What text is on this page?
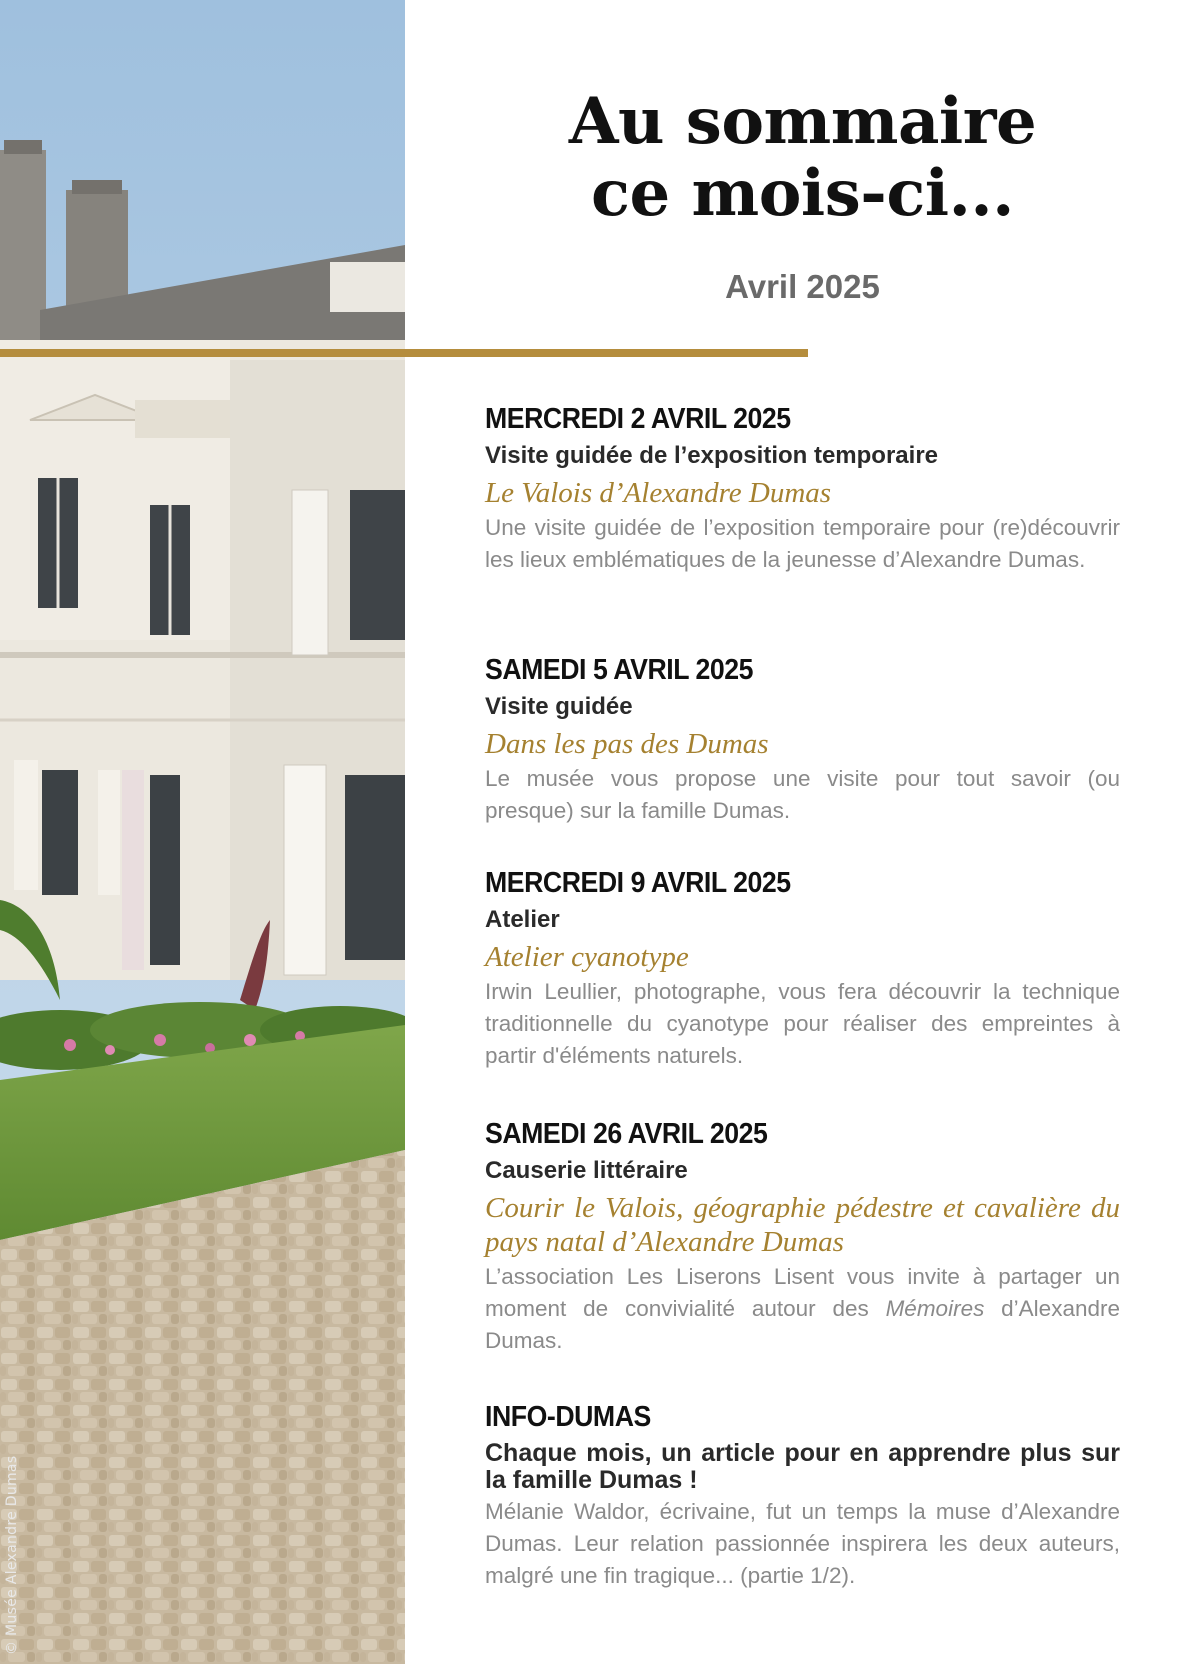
© Musée Alexandre Dumas
Au sommaire
ce mois-ci...
Avril 2025
MERCREDI 2 AVRIL 2025
Visite guidée de l’exposition temporaire
Le Valois d’Alexandre Dumas
Une visite guidée de l’exposition temporaire pour (re)découvrir les lieux emblématiques de la jeunesse d’Alexandre Dumas.
SAMEDI 5 AVRIL 2025
Visite guidée
Dans les pas des Dumas
Le musée vous propose une visite pour tout savoir (ou presque) sur la famille Dumas.
MERCREDI 9 AVRIL 2025
Atelier
Atelier cyanotype
Irwin Leullier, photographe, vous fera découvrir la technique traditionnelle du cyanotype pour réaliser des empreintes à partir d'éléments naturels.
SAMEDI 26 AVRIL 2025
Causerie littéraire
Courir le Valois, géographie pédestre et cavalière du pays natal d’Alexandre Dumas
L’association Les Liserons Lisent vous invite à partager un moment de convivialité autour des Mémoires d’Alexandre Dumas.
INFO-DUMAS
Chaque mois, un article pour en apprendre plus sur la famille Dumas !
Mélanie Waldor, écrivaine, fut un temps la muse d’Alexandre Dumas. Leur relation passionnée inspirera les deux auteurs, malgré une fin tragique... (partie 1/2).
